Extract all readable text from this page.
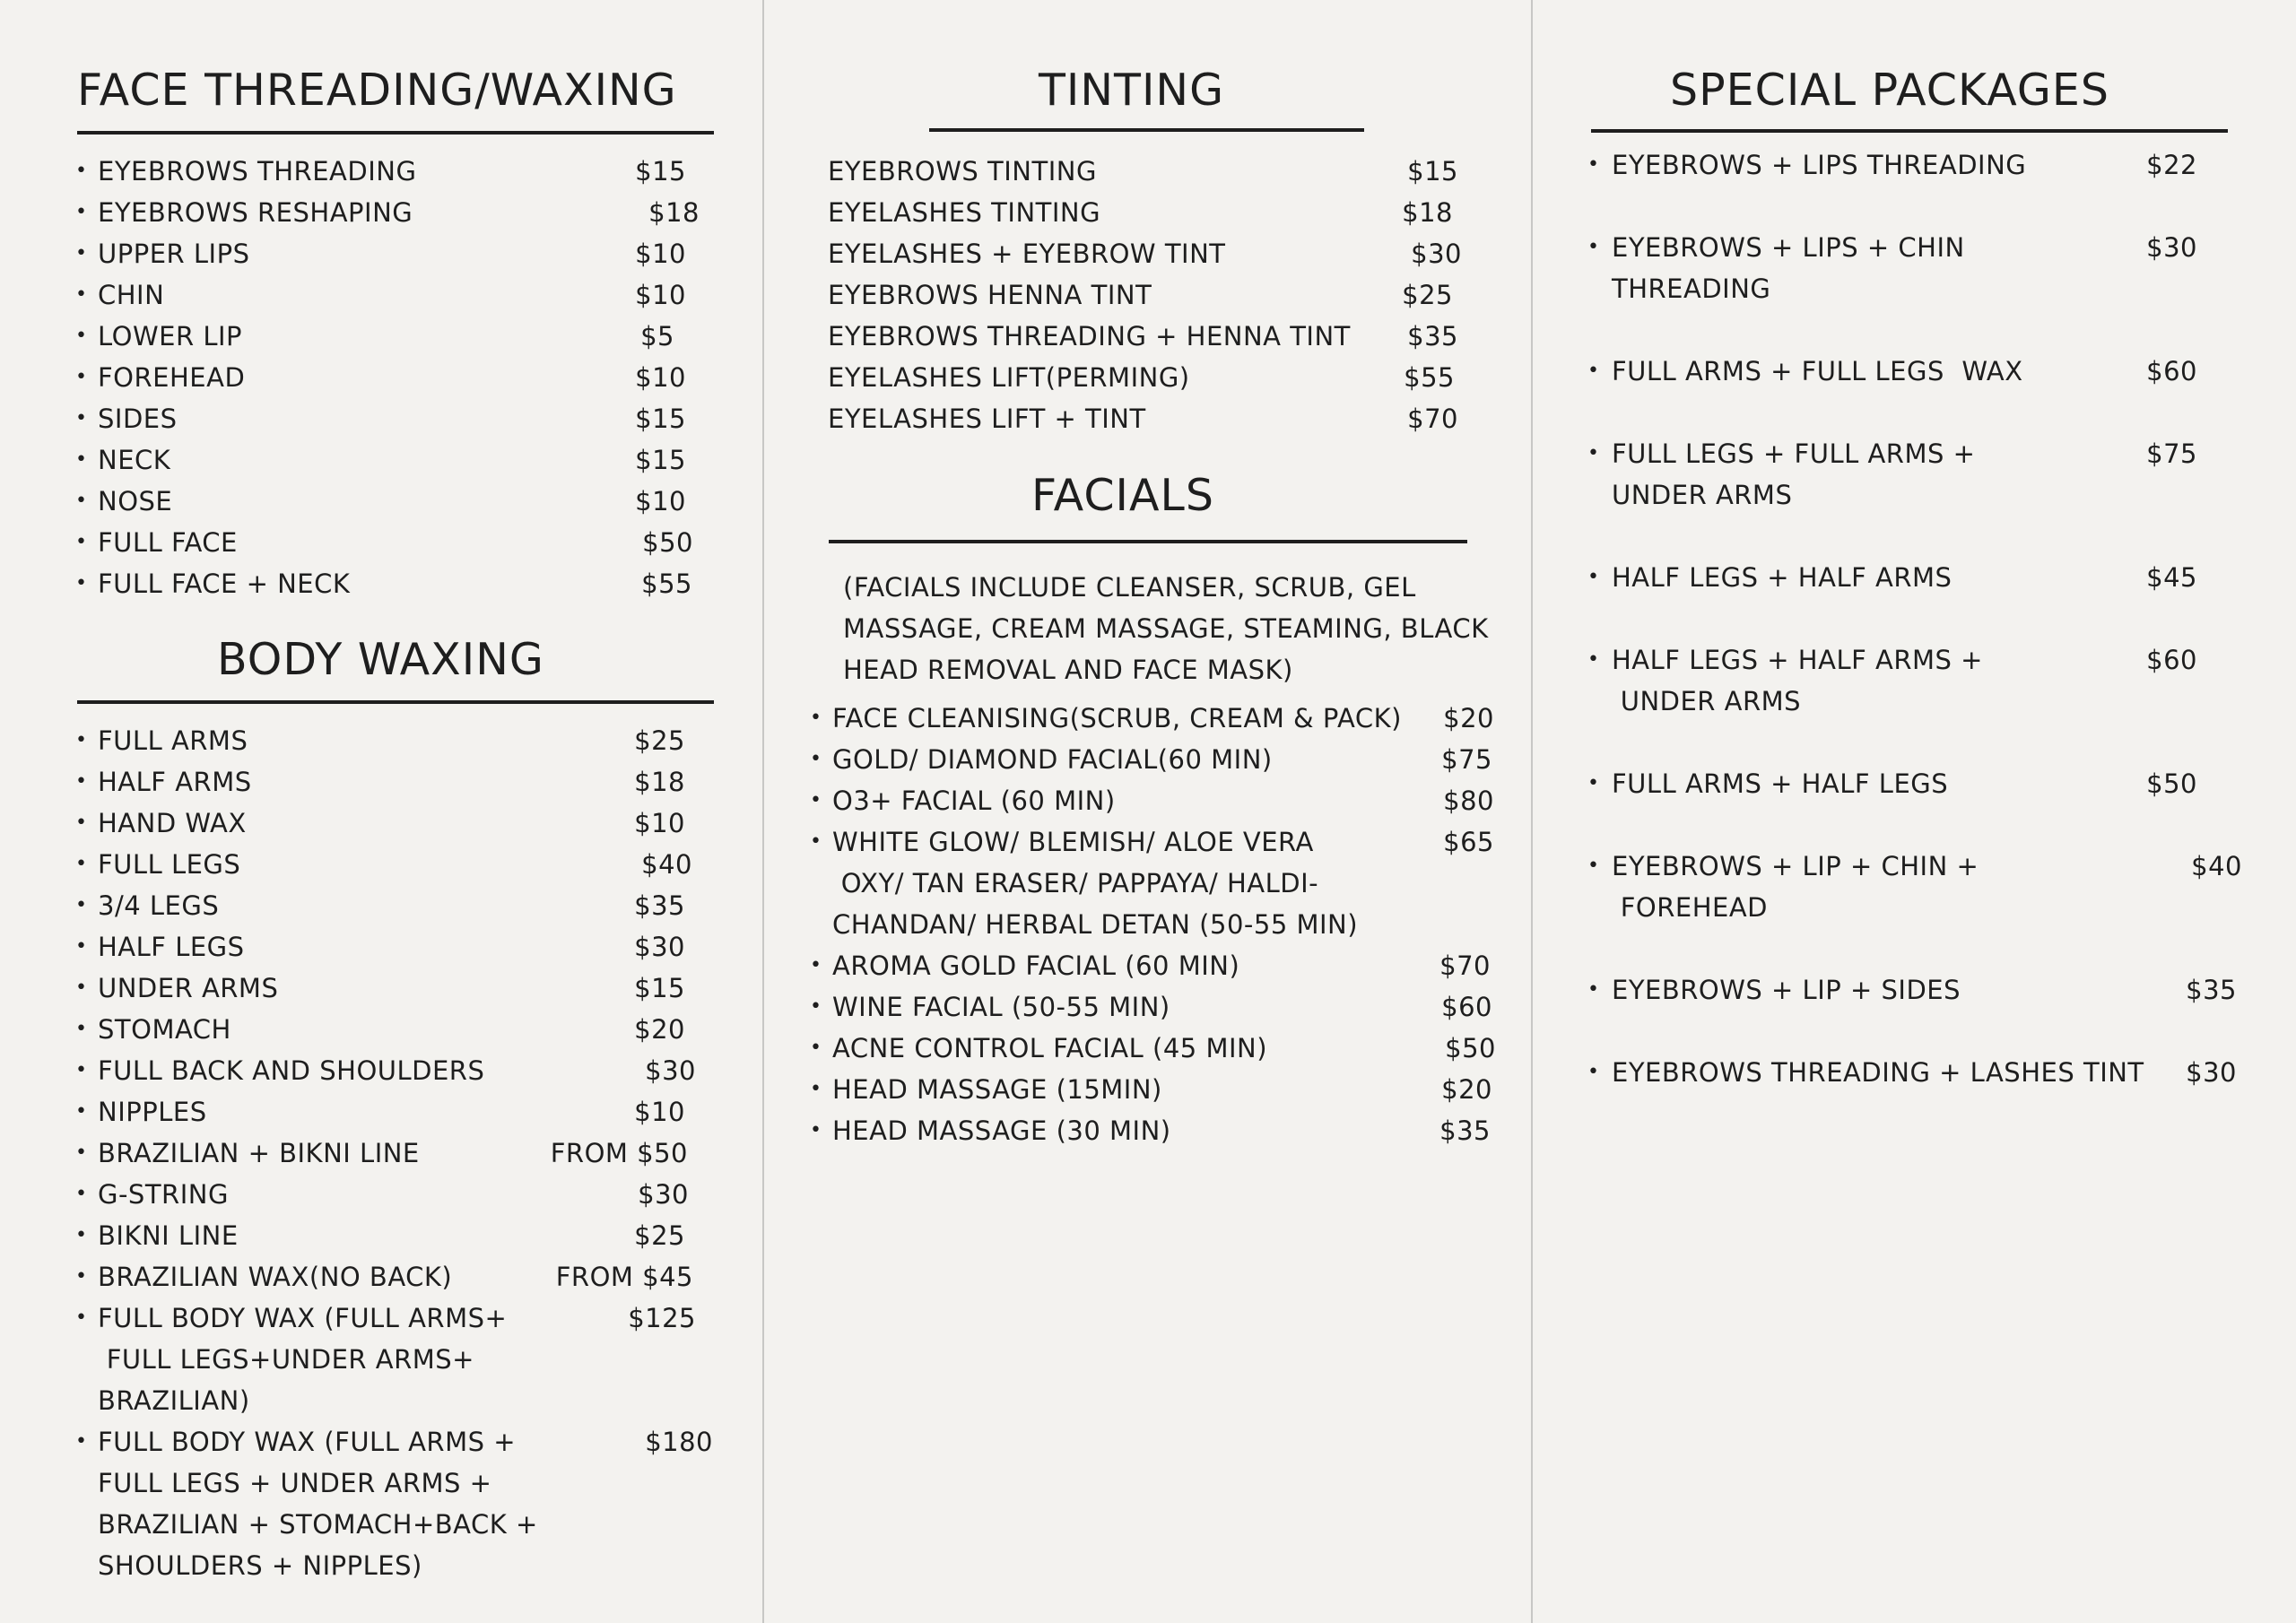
FACE THREADING/WAXING
• EYEBROWS THREADING	$15
• EYEBROWS RESHAPING	$18
• UPPER LIPS	$10
• CHIN	$10
• LOWER LIP	$5
• FOREHEAD	$10
• SIDES	$15
• NECK	$15
• NOSE	$10
• FULL FACE	$50
• FULL FACE + NECK	$55
BODY WAXING
• FULL ARMS	$25
• HALF ARMS	$18
• HAND WAX	$10
• FULL LEGS	$40
• 3/4 LEGS	$35
• HALF LEGS	$30
• UNDER ARMS	$15
• STOMACH	$20
• FULL BACK AND SHOULDERS	$30
• NIPPLES	$10
• BRAZILIAN + BIKNI LINE	FROM $50
• G-STRING	$30
• BIKNI LINE	$25
• BRAZILIAN WAX(NO BACK)	FROM $45
• FULL BODY WAX (FULL ARMS+
FULL LEGS+UNDER ARMS+
BRAZILIAN)
$125
• FULL BODY WAX (FULL ARMS +
FULL LEGS + UNDER ARMS +
BRAZILIAN + STOMACH+BACK +
SHOULDERS + NIPPLES)
$180
TINTING
EYEBROWS TINTING	$15
EYELASHES TINTING	$18
EYELASHES + EYEBROW TINT	$30
EYEBROWS HENNA TINT	$25
EYEBROWS THREADING + HENNA TINT $35
EYELASHES LIFT(PERMING)	$55
EYELASHES LIFT + TINT	$70
FACIALS
(FACIALS INCLUDE CLEANSER, SCRUB, GEL
MASSAGE, CREAM MASSAGE, STEAMING, BLACK
HEAD REMOVAL AND FACE MASK)
• FACE CLEANISING(SCRUB, CREAM & PACK) $20
• GOLD/ DIAMOND FACIAL(60 MIN)	$75
• O3+ FACIAL (60 MIN)	$80
• WHITE GLOW/ BLEMISH/ ALOE VERA
OXY/ TAN ERASER/ PAPPAYA/ HALDI-
CHANDAN/ HERBAL DETAN (50-55 MIN)
$65
• AROMA GOLD FACIAL (60 MIN)	$70
• WINE FACIAL (50-55 MIN)	$60
• ACNE CONTROL FACIAL (45 MIN)	$50
• HEAD MASSAGE (15MIN)	$20
• HEAD MASSAGE (30 MIN)	$35
SPECIAL PACKAGES
• EYEBROWS + LIPS THREADING	$22
• EYEBROWS + LIPS + CHIN
THREADING
$30
• FULL ARMS + FULL LEGS  WAX	$60
• FULL LEGS + FULL ARMS +
UNDER ARMS
$75
• HALF LEGS + HALF ARMS	$45
• HALF LEGS + HALF ARMS +
UNDER ARMS
$60
• FULL ARMS + HALF LEGS	$50
• EYEBROWS + LIP + CHIN +
FOREHEAD
$40
• EYEBROWS + LIP + SIDES	$35
• EYEBROWS THREADING + LASHES TINT $30
